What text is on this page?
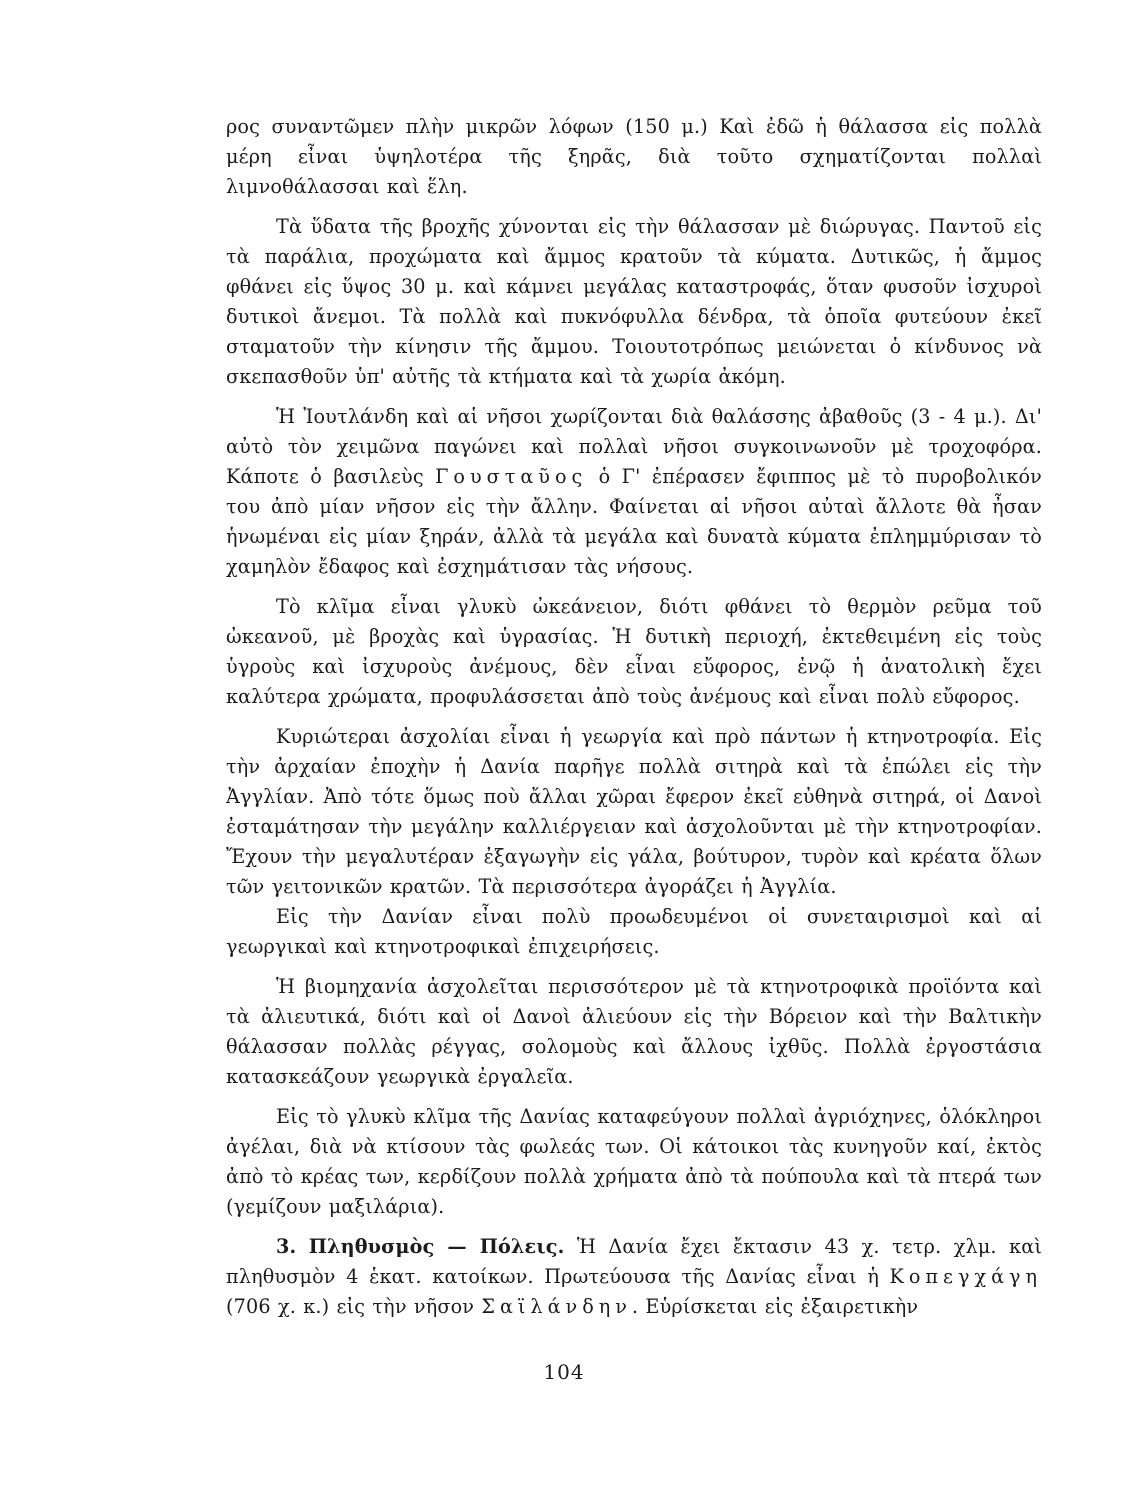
ρος συναντῶμεν πλὴν μικρῶν λόφων (150 μ.) Καὶ ἐδῶ ἡ θάλασσα εἰς πολλὰ μέρη εἶναι ὑψηλοτέρα τῆς ξηρᾶς, διὰ τοῦτο σχηματίζονται πολλαὶ λιμνοθάλασσαι καὶ ἕλη.

Τὰ ὕδατα τῆς βροχῆς χύνονται εἰς τὴν θάλασσαν μὲ διώρυγας. Παντοῦ εἰς τὰ παράλια, προχώματα καὶ ἄμμος κρατοῦν τὰ κύματα. Δυτικῶς, ἡ ἄμμος φθάνει εἰς ὕψος 30 μ. καὶ κάμνει μεγάλας καταστροφάς, ὅταν φυσοῦν ἰσχυροὶ δυτικοὶ ἄνεμοι. Τὰ πολλὰ καὶ πυκνόφυλλα δένδρα, τὰ ὁποῖα φυτεύουν ἐκεῖ σταματοῦν τὴν κίνησιν τῆς ἄμμου. Τοιουτοτρόπως μειώνεται ὁ κίνδυνος νὰ σκεπασθοῦν ὑπ' αὐτῆς τὰ κτήματα καὶ τὰ χωρία ἀκόμη.

Ἡ Ἰουτλάνδη καὶ αἱ νῆσοι χωρίζονται διὰ θαλάσσης ἀβαθοῦς (3 - 4 μ.). Δι' αὐτὸ τὸν χειμῶνα παγώνει καὶ πολλαὶ νῆσοι συγκοινωνοῦν μὲ τροχοφόρα. Κάποτε ὁ βασιλεὺς Γουσταῦος ὁ Γ' ἐπέρασεν ἔφιππος μὲ τὸ πυροβολικόν του ἀπὸ μίαν νῆσον εἰς τὴν ἄλλην. Φαίνεται αἱ νῆσοι αὐταὶ ἄλλοτε θὰ ἦσαν ἡνωμέναι εἰς μίαν ξηράν, ἀλλὰ τὰ μεγάλα καὶ δυνατὰ κύματα ἐπλημμύρισαν τὸ χαμηλὸν ἔδαφος καὶ ἐσχημάτισαν τὰς νήσους.

Τὸ κλῖμα εἶναι γλυκὺ ὠκεάνειον, διότι φθάνει τὸ θερμὸν ρεῦμα τοῦ ὠκεανοῦ, μὲ βροχὰς καὶ ὑγρασίας. Ἡ δυτικὴ περιοχή, ἐκτεθειμένη εἰς τοὺς ὑγροὺς καὶ ἰσχυροὺς ἀνέμους, δὲν εἶναι εὔφορος, ἐνῷ ἡ ἀνατολικὴ ἔχει καλύτερα χρώματα, προφυλάσσεται ἀπὸ τοὺς ἀνέμους καὶ εἶναι πολὺ εὔφορος.

Κυριώτεραι ἀσχολίαι εἶναι ἡ γεωργία καὶ πρὸ πάντων ἡ κτηνοτροφία. Εἰς τὴν ἀρχαίαν ἐποχὴν ἡ Δανία παρῆγε πολλὰ σιτηρὰ καὶ τὰ ἐπώλει εἰς τὴν Ἀγγλίαν. Ἀπὸ τότε ὅμως ποὺ ἄλλαι χῶραι ἔφερον ἐκεῖ εὐθηνὰ σιτηρά, οἱ Δανοὶ ἐσταμάτησαν τὴν μεγάλην καλλιέργειαν καὶ ἀσχολοῦνται μὲ τὴν κτηνοτροφίαν. Ἔχουν τὴν μεγαλυτέραν ἐξαγωγὴν εἰς γάλα, βούτυρον, τυρὸν καὶ κρέατα ὅλων τῶν γειτονικῶν κρατῶν. Τὰ περισσότερα ἀγοράζει ἡ Ἀγγλία.

Εἰς τὴν Δανίαν εἶναι πολὺ προωδευμένοι οἱ συνεταιρισμοὶ καὶ αἱ γεωργικαὶ καὶ κτηνοτροφικαὶ ἐπιχειρήσεις.

Ἡ βιομηχανία ἀσχολεῖται περισσότερον μὲ τὰ κτηνοτροφικὰ προϊόντα καὶ τὰ ἁλιευτικά, διότι καὶ οἱ Δανοὶ ἁλιεύουν εἰς τὴν Βόρειον καὶ τὴν Βαλτικὴν θάλασσαν πολλὰς ρέγγας, σολομοὺς καὶ ἄλλους ἰχθῦς. Πολλὰ ἐργοστάσια κατασκεάζουν γεωργικὰ ἐργαλεῖα.

Εἰς τὸ γλυκὺ κλῖμα τῆς Δανίας καταφεύγουν πολλαὶ ἀγριόχηνες, ὁλόκληροι ἀγέλαι, διὰ νὰ κτίσουν τὰς φωλεάς των. Οἱ κάτοικοι τὰς κυνηγοῦν καί, ἐκτὸς ἀπὸ τὸ κρέας των, κερδίζουν πολλὰ χρήματα ἀπὸ τὰ πούπουλα καὶ τὰ πτερά των (γεμίζουν μαξιλάρια).

3. Πληθυσμὸς — Πόλεις. Ἡ Δανία ἔχει ἔκτασιν 43 χ. τετρ. χλμ. καὶ πληθυσμὸν 4 ἑκατ. κατοίκων. Πρωτεύουσα τῆς Δανίας εἶναι ἡ Κοπεγχάγη (706 χ. κ.) εἰς τὴν νῆσον Σαϊλάνδην. Εὑρίσκεται εἰς ἐξαιρετικὴν

104
